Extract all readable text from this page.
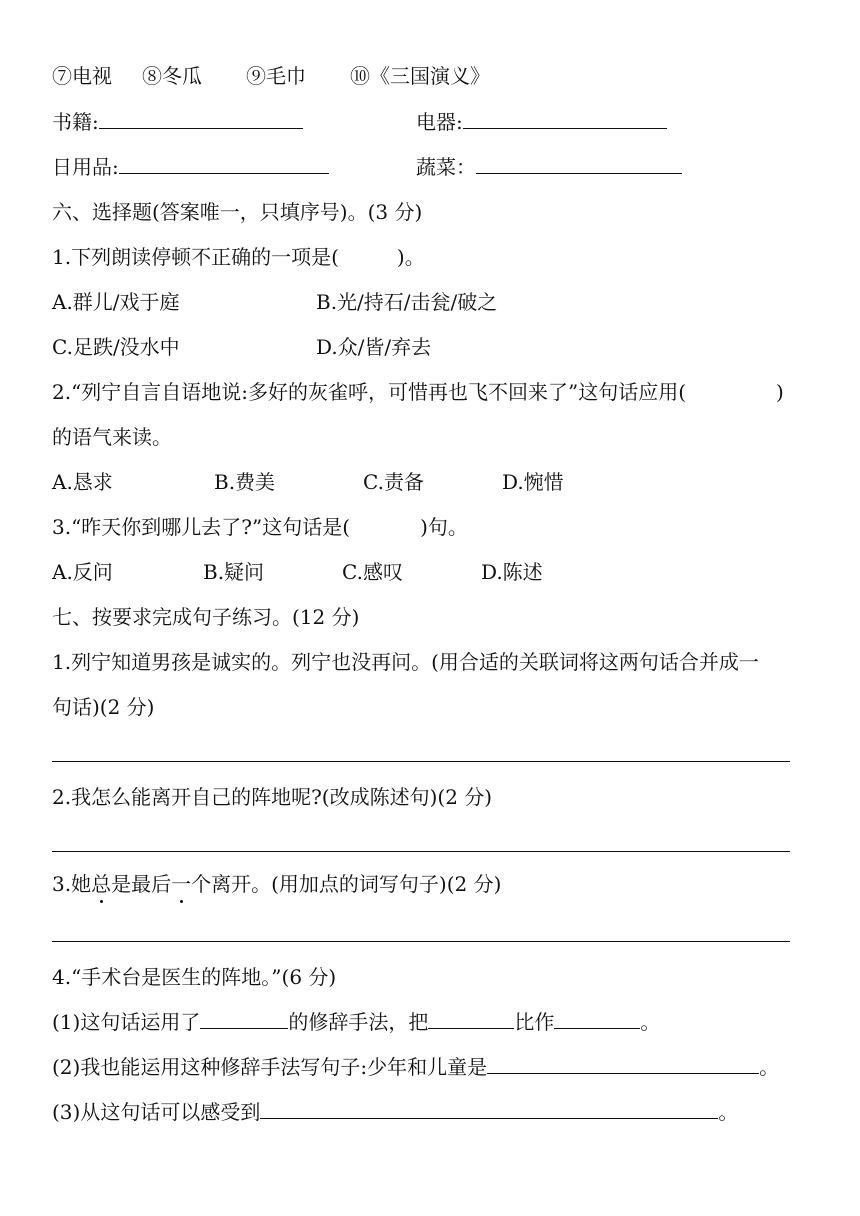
⑦电视 ⑧冬瓜 ⑨毛巾 ⑩《三国演义》
书籍:	电器:
日用品:	蔬菜：
六、选择题(答案唯一，只填序号)。(3 分)
1.下列朗读停顿不正确的一项是(	)。
A.群儿/戏于庭	B.光/持石/击瓮/破之
C.足跌/没水中	D.众/皆/弃去
2.“列宁自言自语地说:多好的灰雀呼，可惜再也飞不回来了”这句话应用(	)
的语气来读。
A.恳求	B.费美	C.责备	D.惋惜
3.“昨天你到哪儿去了?”这句话是(	)句。
A.反问	B.疑问	C.感叹	D.陈述
七、按要求完成句子练习。(12 分)
1.列宁知道男孩是诚实的。列宁也没再问。(用合适的关联词将这两句话合并成一
句话)(2 分)
2.我怎么能离开自己的阵地呢?(改成陈述句)(2 分)
3.她总是最后一个离开。(用加点的词写句子)(2 分)
4.“手术台是医生的阵地。”(6 分)
(1)这句话运用了	的修辞手法，把	比作	。
(2)我也能运用这种修辞手法写句子:少年和儿童是	。
(3)从这句话可以感受到	。
